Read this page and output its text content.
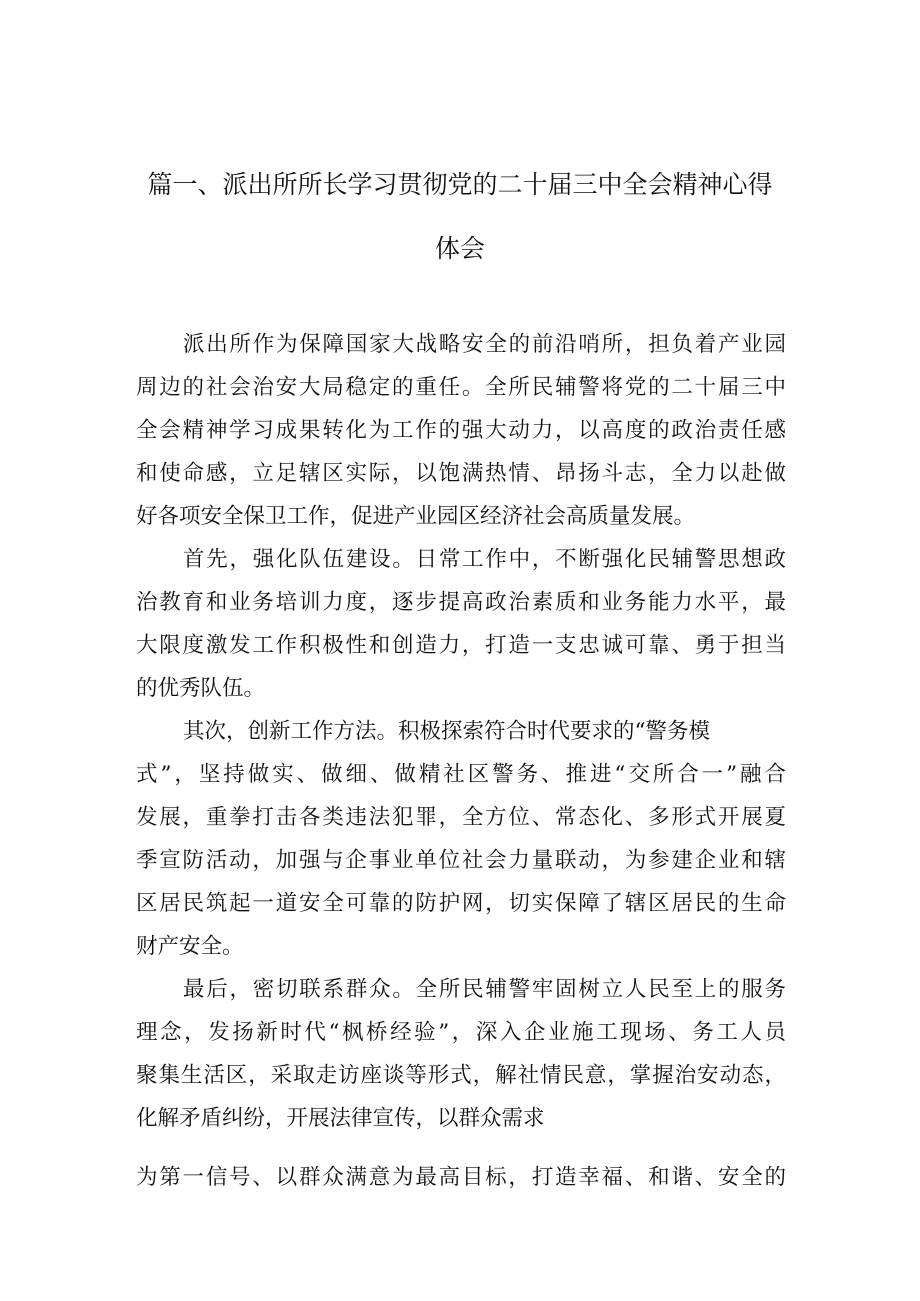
篇一、派出所所长学习贯彻党的二十届三中全会精神心得
体会
派出所作为保障国家大战略安全的前沿哨所，担负着产业园
周边的社会治安大局稳定的重任。全所民辅警将党的二十届三中
全会精神学习成果转化为工作的强大动力，以高度的政治责任感
和使命感，立足辖区实际，以饱满热情、昂扬斗志，全力以赴做
好各项安全保卫工作，促进产业园区经济社会高质量发展。
首先，强化队伍建设。日常工作中，不断强化民辅警思想政
治教育和业务培训力度，逐步提高政治素质和业务能力水平，最
大限度激发工作积极性和创造力，打造一支忠诚可靠、勇于担当
的优秀队伍。
其次，创新工作方法。积极探索符合时代要求的“警务模
式”，坚持做实、做细、做精社区警务、推进“交所合一”融合
发展，重拳打击各类违法犯罪，全方位、常态化、多形式开展夏
季宣防活动，加强与企事业单位社会力量联动，为参建企业和辖
区居民筑起一道安全可靠的防护网，切实保障了辖区居民的生命
财产安全。
最后，密切联系群众。全所民辅警牢固树立人民至上的服务
理念，发扬新时代“枫桥经验”，深入企业施工现场、务工人员
聚集生活区，采取走访座谈等形式，解社情民意，掌握治安动态，
化解矛盾纠纷，开展法律宣传，以群众需求
为第一信号、以群众满意为最高目标，打造幸福、和谐、安全的
